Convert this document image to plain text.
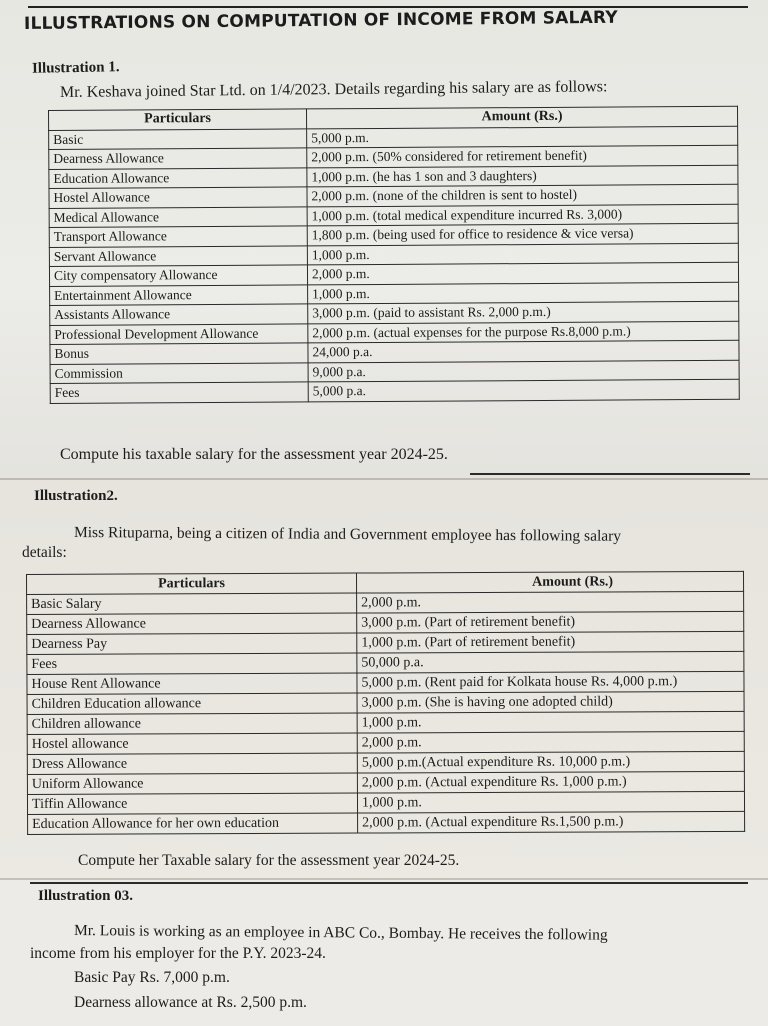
ILLUSTRATIONS ON COMPUTATION OF INCOME FROM SALARY
Illustration 1.

Mr. Keshava joined Star Ltd. on 1/4/2023. Details regarding his salary are as follows:

Particulars	Amount (Rs.)
Basic	5,000 p.m.
Dearness Allowance	2,000 p.m. (50% considered for retirement benefit)
Education Allowance	1,000 p.m. (he has 1 son and 3 daughters)
Hostel Allowance	2,000 p.m. (none of the children is sent to hostel)
Medical Allowance	1,000 p.m. (total medical expenditure incurred Rs. 3,000)
Transport Allowance	1,800 p.m. (being used for office to residence & vice versa)
Servant Allowance	1,000 p.m.
City compensatory Allowance	2,000 p.m.
Entertainment Allowance	1,000 p.m.
Assistants Allowance	3,000 p.m. (paid to assistant Rs. 2,000 p.m.)
Professional Development Allowance	2,000 p.m. (actual expenses for the purpose Rs.8,000 p.m.)
Bonus	24,000 p.a.
Commission	9,000 p.a.
Fees	5,000 p.a.

Compute his taxable salary for the assessment year 2024-25.

Illustration2.

Miss Rituparna, being a citizen of India and Government employee has following salary

details:

Particulars	Amount (Rs.)
Basic Salary	2,000 p.m.
Dearness Allowance	3,000 p.m. (Part of retirement benefit)
Dearness Pay	1,000 p.m. (Part of retirement benefit)
Fees	50,000 p.a.
House Rent Allowance	5,000 p.m. (Rent paid for Kolkata house Rs. 4,000 p.m.)
Children Education allowance	3,000 p.m. (She is having one adopted child)
Children allowance	1,000 p.m.
Hostel allowance	2,000 p.m.
Dress Allowance	5,000 p.m.(Actual expenditure Rs. 10,000 p.m.)
Uniform Allowance	2,000 p.m. (Actual expenditure Rs. 1,000 p.m.)
Tiffin Allowance	1,000 p.m.
Education Allowance for her own education	2,000 p.m. (Actual expenditure Rs.1,500 p.m.)

Compute her Taxable salary for the assessment year 2024-25.

Illustration 03.

Mr. Louis is working as an employee in ABC Co., Bombay. He receives the following

income from his employer for the P.Y. 2023-24.

Basic Pay Rs. 7,000 p.m.

Dearness allowance at Rs. 2,500 p.m.
